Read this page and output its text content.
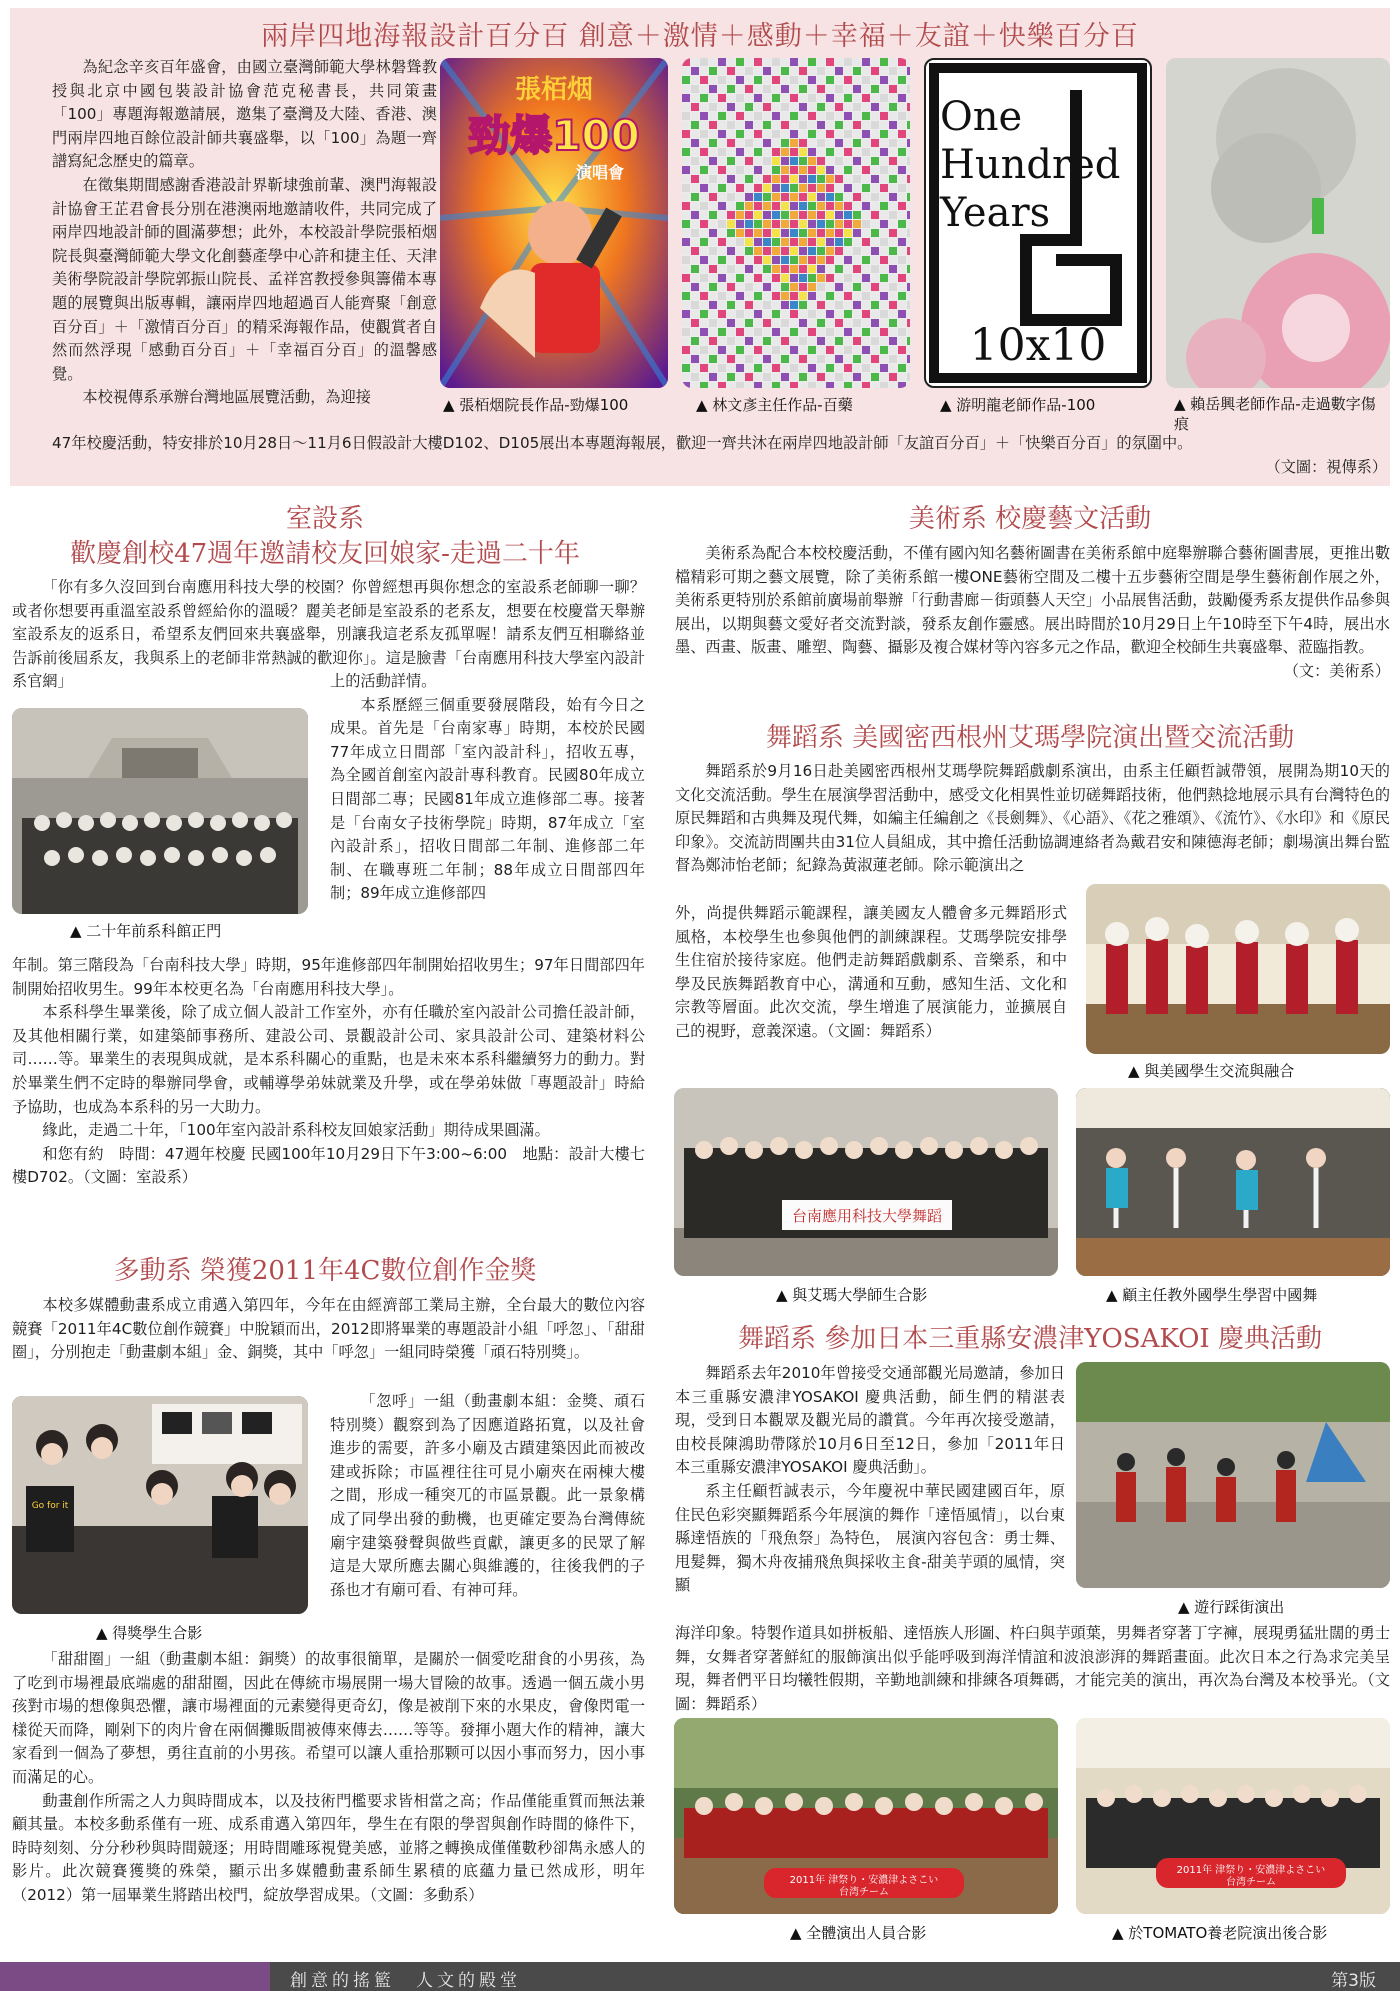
兩岸四地海報設計百分百 創意＋激情＋感動＋幸福＋友誼＋快樂百分百

為紀念辛亥百年盛會，由國立臺灣師範大學林磐聳教授與北京中國包裝設計協會范克秘書長，共同策畫「100」專題海報邀請展，邀集了臺灣及大陸、香港、澳門兩岸四地百餘位設計師共襄盛舉，以「100」為題一齊譜寫紀念歷史的篇章。

在徵集期間感謝香港設計界靳埭強前輩、澳門海報設計協會王芷君會長分別在港澳兩地邀請收件，共同完成了兩岸四地設計師的圓滿夢想；此外，本校設計學院張栢烟院長與臺灣師範大學文化創藝產學中心許和捷主任、天津美術學院設計學院郭振山院長、孟祥宮教授參與籌備本專題的展覽與出版專輯，讓兩岸四地超過百人能齊聚「創意百分百」＋「激情百分百」的精采海報作品，使觀賞者自然而然浮現「感動百分百」＋「幸福百分百」的溫馨感覺。

本校視傳系承辦台灣地區展覽活動，為迎接

47年校慶活動，特安排於10月28日～11月6日假設計大樓D102、D105展出本專題海報展，歡迎一齊共沐在兩岸四地設計師「友誼百分百」＋「快樂百分百」的氛圍中。

（文圖：視傳系）
張栢烟
勁爆100
演唱會
▲ 張栢烟院長作品-勁爆100	▲ 林文彥主任作品-百藥
One
Hundred
Years
10x10
▲ 游明龍老師作品-100	▲ 賴岳興老師作品-走過數字傷痕
室設系
歡慶創校47週年邀請校友回娘家-走過二十年

「你有多久沒回到台南應用科技大學的校園？你曾經想再與你想念的室設系老師聊一聊？或者你想要再重溫室設系曾經給你的溫暖？麗美老師是室設系的老系友，想要在校慶當天舉辦室設系友的返系日，希望系友們回來共襄盛舉，別讓我這老系友孤單喔！請系友們互相聯絡並告訴前後屆系友，我與系上的老師非常熱誠的歡迎你」。這是臉書「台南應用科技大學室內設計系官網」	上的活動詳情。

本系歷經三個重要發展階段，始有今日之成果。首先是「台南家專」時期，本校於民國77年成立日間部「室內設計科」，招收五專，為全國首創室內設計專科教育。民國80年成立日間部二專；民國81年成立進修部二專。接著是「台南女子技術學院」時期，87年成立「室內設計系」，招收日間部二年制、進修部二年制、在職專班二年制；88年成立日間部四年制；89年成立進修部四

▲ 二十年前系科館正門

年制。第三階段為「台南科技大學」時期，95年進修部四年制開始招收男生；97年日間部四年制開始招收男生。99年本校更名為「台南應用科技大學」。

本系科學生畢業後，除了成立個人設計工作室外，亦有任職於室內設計公司擔任設計師，及其他相關行業，如建築師事務所、建設公司、景觀設計公司、家具設計公司、建築材料公司……等。畢業生的表現與成就，是本系科關心的重點，也是未來本系科繼續努力的動力。對於畢業生們不定時的舉辦同學會，或輔導學弟妹就業及升學，或在學弟妹做「專題設計」時給予協助，也成為本系科的另一大助力。

緣此，走過二十年，「100年室內設計系科校友回娘家活動」期待成果圓滿。

和您有約　時間：47週年校慶 民國100年10月29日下午3:00~6:00　地點：設計大樓七樓D702。（文圖：室設系）

多動系 榮獲2011年4C數位創作金獎

本校多媒體動畫系成立甫邁入第四年，今年在由經濟部工業局主辦，全台最大的數位內容競賽「2011年4C數位創作競賽」中脫穎而出，2012即將畢業的專題設計小組「呼忽」、「甜甜圈」，分別抱走「動畫劇本組」金、銅獎，其中「呼忽」一組同時榮獲「頑石特別獎」。

Go for it
▲ 得獎學生合影

「忽呼」一組（動畫劇本組：金獎、頑石特別獎）觀察到為了因應道路拓寬，以及社會進步的需要，許多小廟及古蹟建築因此而被改建或拆除；市區裡往往可見小廟夾在兩棟大樓之間，形成一種突兀的市區景觀。此一景象構成了同學出發的動機，也更確定要為台灣傳統廟宇建築發聲與做些貢獻，讓更多的民眾了解這是大眾所應去關心與維護的，往後我們的子孫也才有廟可看、有神可拜。

「甜甜圈」一組（動畫劇本組：銅獎）的故事很簡單，是關於一個愛吃甜食的小男孩，為了吃到市場裡最底端處的甜甜圈，因此在傳統市場展開一場大冒險的故事。透過一個五歲小男孩對市場的想像與恐懼，讓市場裡面的元素變得更奇幻，像是被削下來的水果皮，會像閃電一樣從天而降，剛剁下的肉片會在兩個攤販間被傳來傳去……等等。發揮小題大作的精神，讓大家看到一個為了夢想，勇往直前的小男孩。希望可以讓人重拾那颗可以因小事而努力，因小事而滿足的心。

動畫創作所需之人力與時間成本，以及技術門檻要求皆相當之高；作品僅能重質而無法兼顧其量。本校多動系僅有一班、成系甫邁入第四年，學生在有限的學習與創作時間的條件下，時時刻刻、分分秒秒與時間競逐；用時間雕琢視覺美感，並將之轉換成僅僅數秒卻雋永感人的影片。此次競賽獲獎的殊榮，顯示出多媒體動畫系師生累積的底蘊力量已然成形，明年（2012）第一屆畢業生將踏出校門，綻放學習成果。（文圖：多動系）

美術系 校慶藝文活動

美術系為配合本校校慶活動，不僅有國內知名藝術圖書在美術系館中庭舉辦聯合藝術圖書展，更推出數檔精彩可期之藝文展覽，除了美術系館一樓ONE藝術空間及二樓十五步藝術空間是學生藝術創作展之外，美術系更特別於系館前廣場前舉辦「行動書廊－街頭藝人天空」小品展售活動，鼓勵優秀系友提供作品參與展出，以期與藝文愛好者交流對談，發系友創作靈感。展出時間於10月29日上午10時至下午4時，展出水墨、西畫、版畫、雕塑、陶藝、攝影及複合媒材等內容多元之作品，歡迎全校師生共襄盛舉、蒞臨指教。

（文：美術系）
舞蹈系 美國密西根州艾瑪學院演出暨交流活動

舞蹈系於9月16日赴美國密西根州艾瑪學院舞蹈戲劇系演出，由系主任顧哲誠帶領，展開為期10天的文化交流活動。學生在展演學習活動中，感受文化相異性並切磋舞蹈技術，他們熱捻地展示具有台灣特色的原民舞蹈和古典舞及現代舞，如編主任編創之《長劍舞》、《心語》、《花之雅頌》、《流竹》、《水印》和《原民印象》。交流訪問團共由31位人員組成，其中擔任活動協調連絡者為戴君安和陳德海老師；劇場演出舞台監督為鄭沛怡老師；紀錄為黃淑蓮老師。除示範演出之

外，尚提供舞蹈示範課程，讓美國友人體會多元舞蹈形式風格，本校學生也參與他們的訓練課程。艾瑪學院安排學生住宿於接待家庭。他們走訪舞蹈戲劇系、音樂系，和中學及民族舞蹈教育中心，溝通和互動，感知生活、文化和宗教等層面。此次交流，學生增進了展演能力，並擴展自己的視野，意義深遠。（文圖：舞蹈系）

▲ 與美國學生交流與融合
台南應用科技大學舞蹈
▲ 與艾瑪大學師生合影	▲ 顧主任教外國學生學習中國舞
舞蹈系 參加日本三重縣安濃津YOSAKOI 慶典活動

舞蹈系去年2010年曾接受交通部觀光局邀請，參加日本三重縣安濃津YOSAKOI 慶典活動，師生們的精湛表現，受到日本觀眾及觀光局的讚賞。今年再次接受邀請，由校長陳鴻助帶隊於10月6日至12日，參加「2011年日本三重縣安濃津YOSAKOI 慶典活動」。

系主任顧哲誠表示，今年慶祝中華民國建國百年，原住民色彩突顯舞蹈系今年展演的舞作「達悟風情」，以台東縣達悟族的「飛魚祭」為特色， 展演內容包含：勇士舞、甩髮舞，獨木舟夜捕飛魚與採收主食-甜美芋頭的風情，突顯

▲ 遊行踩街演出

海洋印象。特製作道具如拼板船、達悟族人形圖、杵臼與芋頭葉，男舞者穿著丁字褲，展現勇猛壯闊的勇士舞，女舞者穿著鮮紅的服飾演出似乎能呼吸到海洋情誼和波浪澎湃的舞蹈畫面。此次日本之行為求完美呈現，舞者們平日均犧牲假期，辛勤地訓練和排練各項舞碼，才能完美的演出，再次為台灣及本校爭光。（文圖：舞蹈系）

2011年 津祭り・安濃津よさこい
台湾チーム
▲ 全體演出人員合影
2011年 津祭り・安濃津よさこい
台湾チーム
▲ 於TOMATO養老院演出後合影
創意的搖籃　人文的殿堂	第3版
